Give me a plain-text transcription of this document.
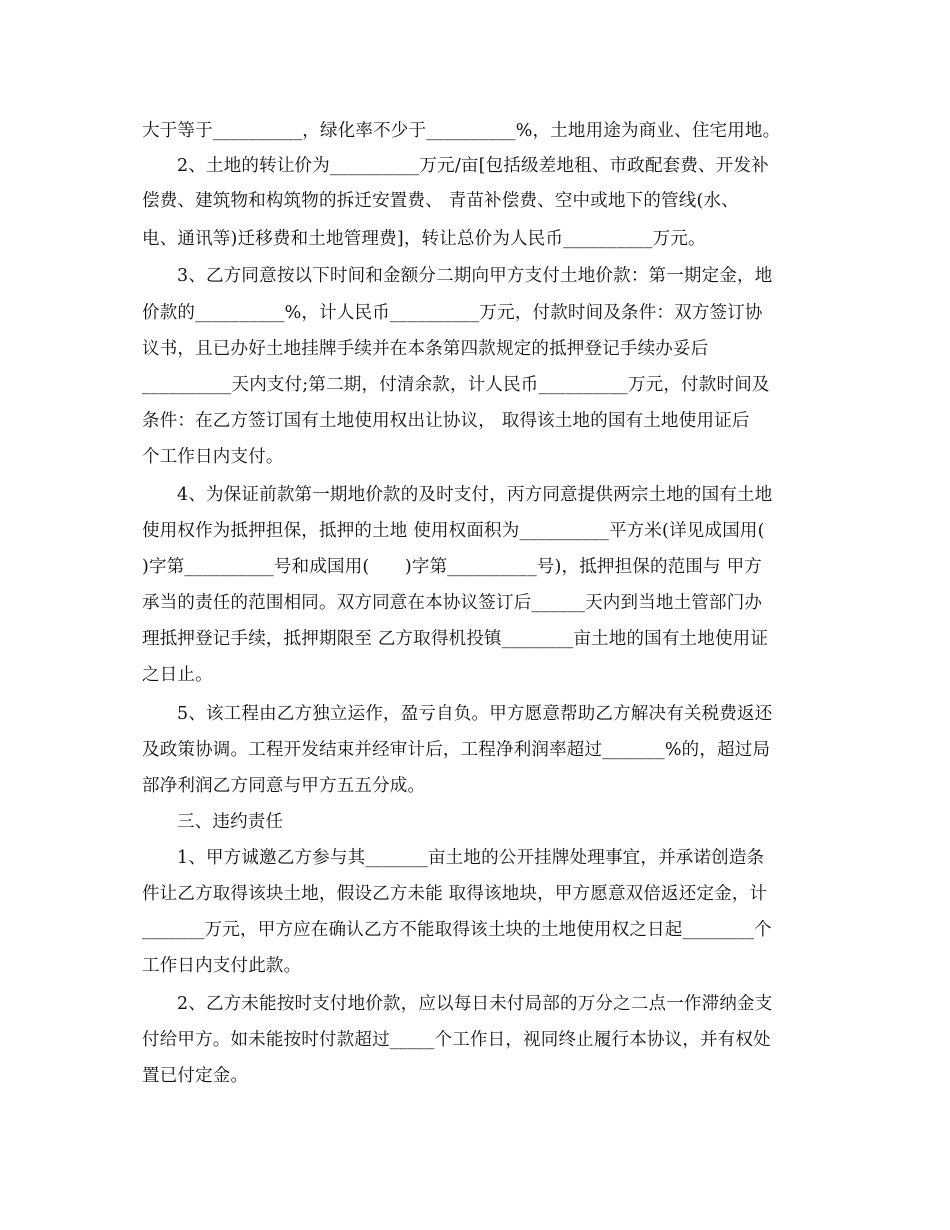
大于等于__________，绿化率不少于__________%，土地用途为商业、住宅用地。
2、土地的转让价为__________万元/亩[包括级差地租、市政配套费、开发补
偿费、建筑物和构筑物的拆迁安置费、 青苗补偿费、空中或地下的管线(水、
电、通讯等)迁移费和土地管理费]，转让总价为人民币__________万元。
3、乙方同意按以下时间和金额分二期向甲方支付土地价款：第一期定金，地
价款的__________%，计人民币__________万元，付款时间及条件：双方签订协
议书，且已办好土地挂牌手续并在本条第四款规定的抵押登记手续办妥后
__________天内支付;第二期，付清余款，计人民币__________万元，付款时间及
条件：在乙方签订国有土地使用权出让协议， 取得该土地的国有土地使用证后
个工作日内支付。
4、为保证前款第一期地价款的及时支付，丙方同意提供两宗土地的国有土地
使用权作为抵押担保，抵押的土地 使用权面积为__________平方米(详见成国用(
)字第__________号和成国用(　　)字第__________号)，抵押担保的范围与 甲方
承当的责任的范围相同。双方同意在本协议签订后______天内到当地土管部门办
理抵押登记手续，抵押期限至 乙方取得机投镇________亩土地的国有土地使用证
之日止。
5、该工程由乙方独立运作，盈亏自负。甲方愿意帮助乙方解决有关税费返还
及政策协调。工程开发结束并经审计后，工程净利润率超过_______%的，超过局
部净利润乙方同意与甲方五五分成。
三、违约责任
1、甲方诚邀乙方参与其_______亩土地的公开挂牌处理事宜，并承诺创造条
件让乙方取得该块土地，假设乙方未能 取得该地块，甲方愿意双倍返还定金，计
_______万元，甲方应在确认乙方不能取得该土块的土地使用权之日起________个
工作日内支付此款。
2、乙方未能按时支付地价款，应以每日未付局部的万分之二点一作滞纳金支
付给甲方。如未能按时付款超过_____个工作日，视同终止履行本协议，并有权处
置已付定金。
